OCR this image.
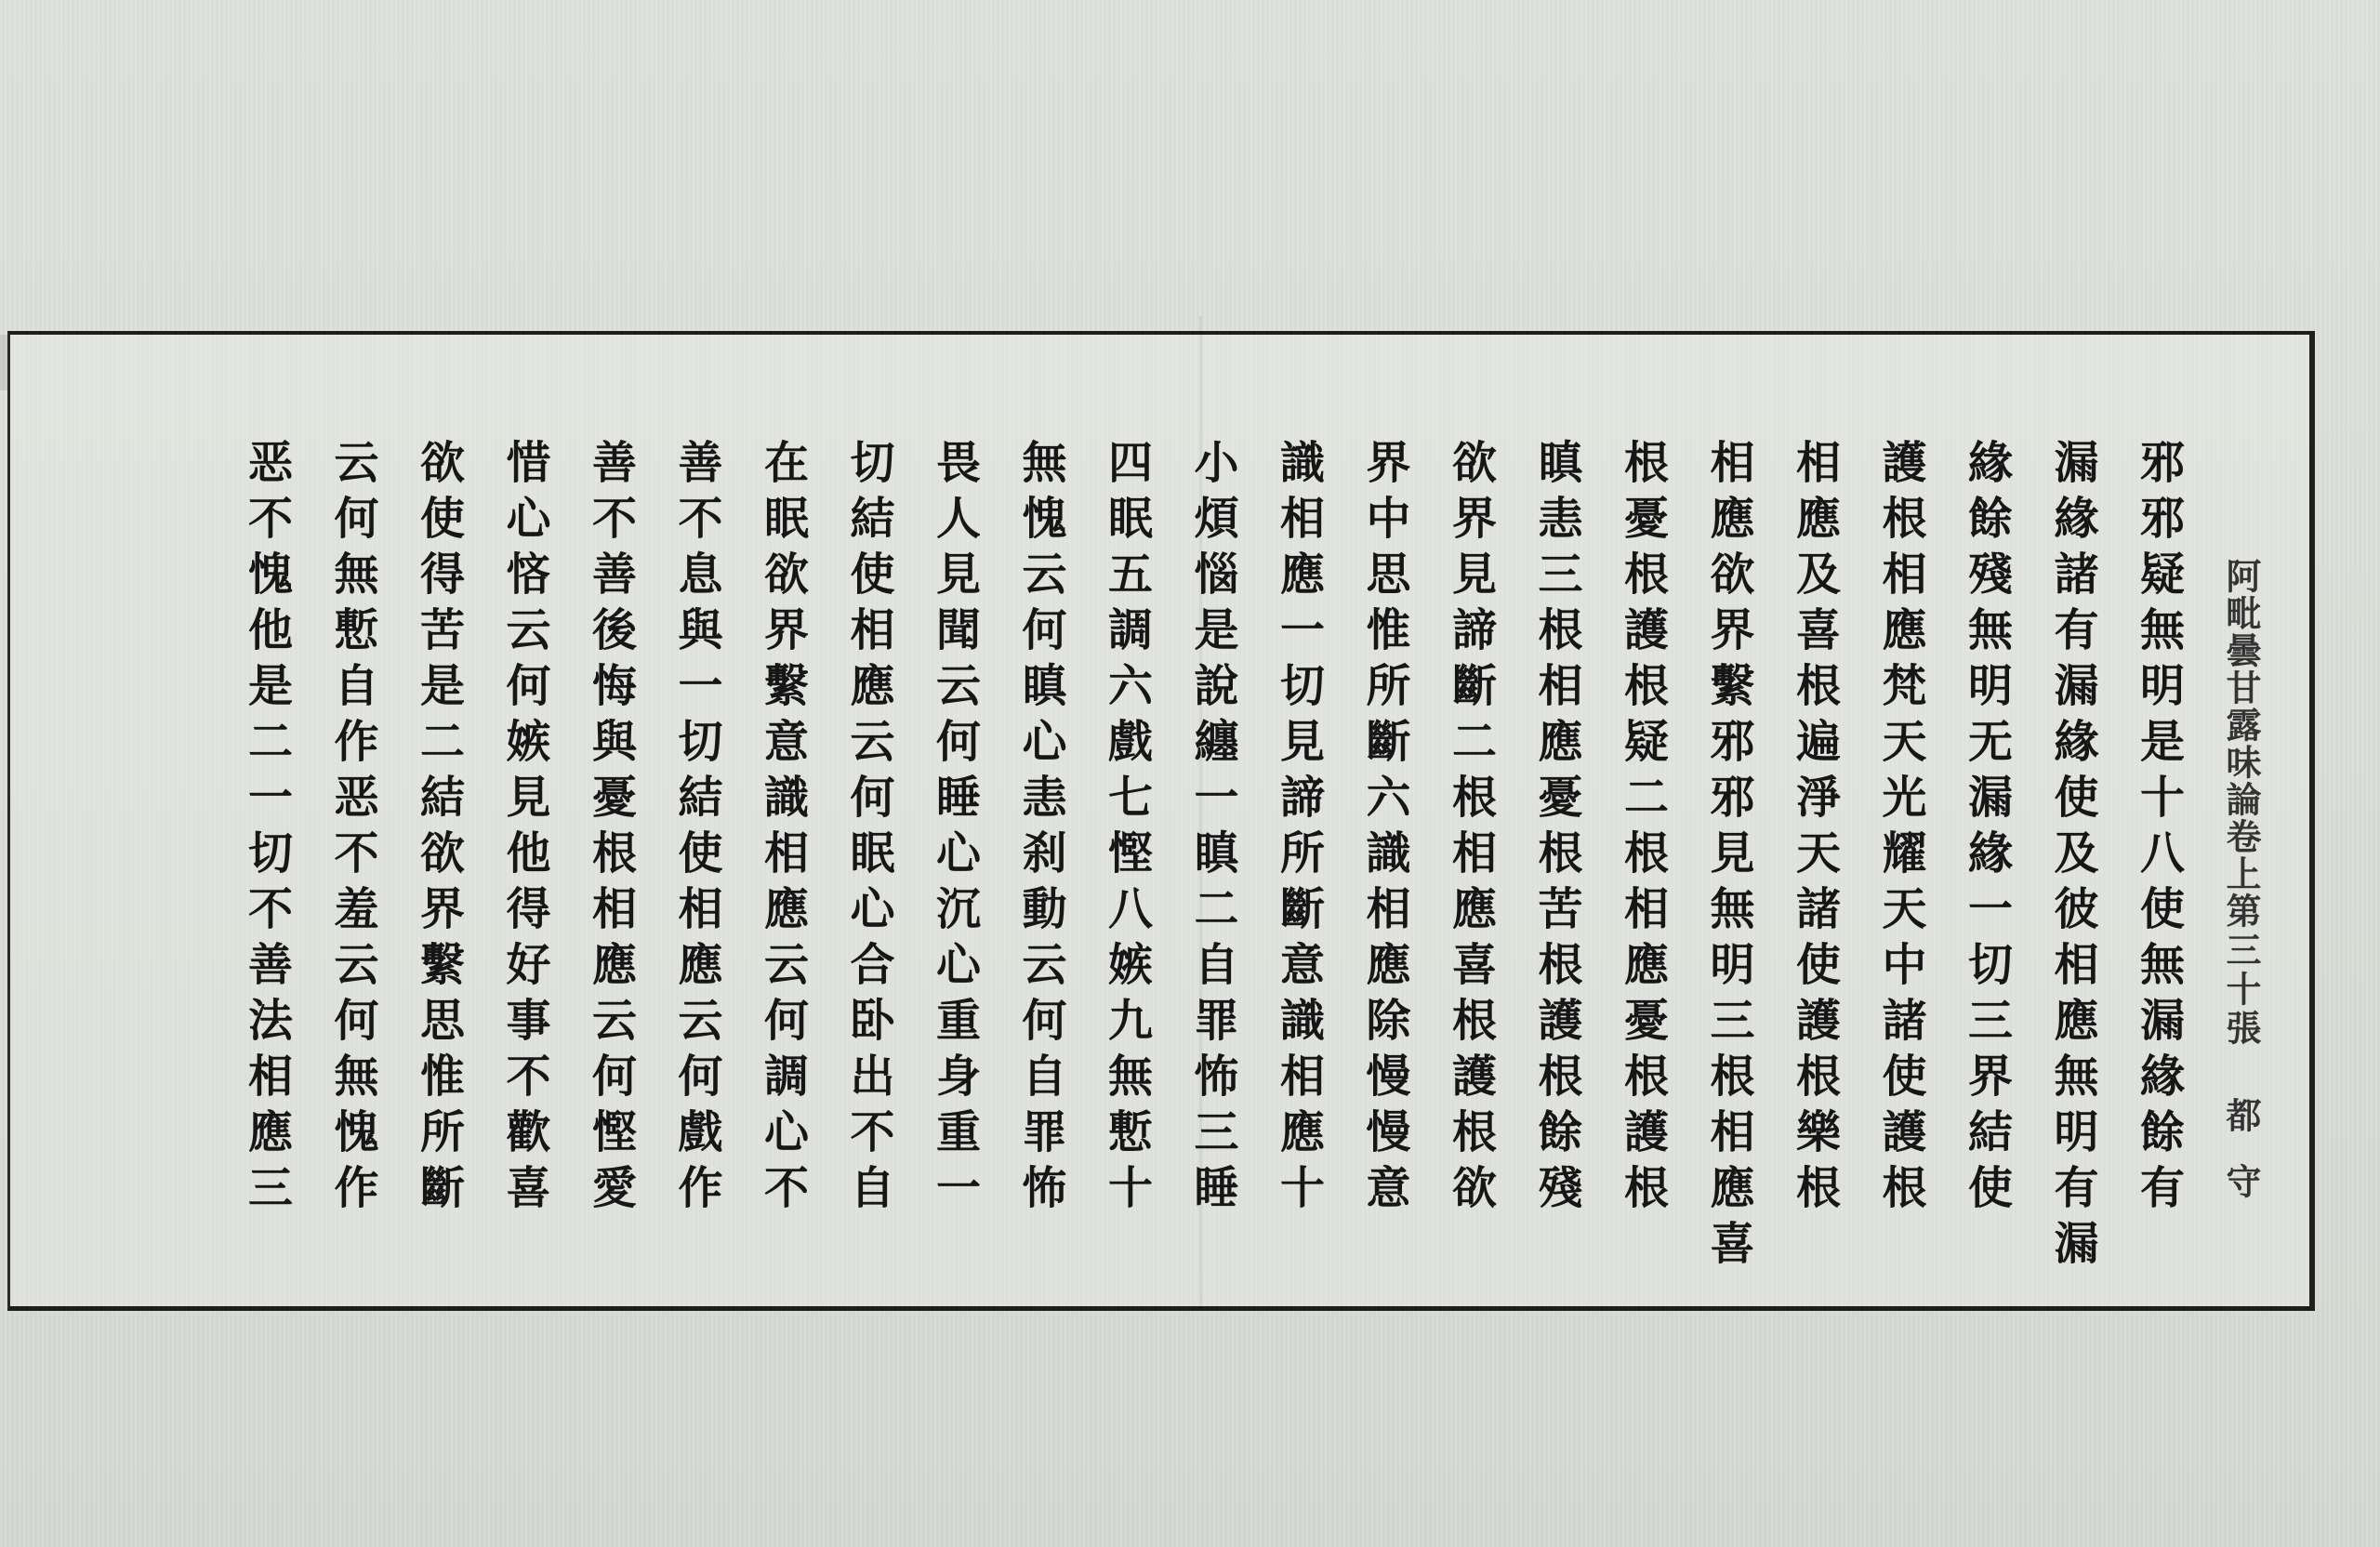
阿毗曇甘露味論卷上
第三十張
都 守
邪
邪
疑
無
明
是
十
八
使
無
漏
緣
餘
有
漏
緣
諸
有
漏
緣
使
及
彼
相
應
無
明
有
漏
緣
餘
殘
無
明
无
漏
緣
一
切
三
界
結
使
護
根
相
應
梵
天
光
耀
天
中
諸
使
護
根
相
應
及
喜
根
遍
淨
天
諸
使
護
根
樂
根
相
應
欲
界
繫
邪
邪
見
無
明
三
根
相
應
喜
根
憂
根
護
根
疑
二
根
相
應
憂
根
護
根
瞋
恚
三
根
相
應
憂
根
苦
根
護
根
餘
殘
欲
界
見
諦
斷
二
根
相
應
喜
根
護
根
欲
界
中
思
惟
所
斷
六
識
相
應
除
慢
慢
意
識
相
應
一
切
見
諦
所
斷
意
識
相
應
十
小
煩
惱
是
說
纏
一
瞋
二
自
罪
怖
三
睡
四
眠
五
調
六
戲
七
慳
八
嫉
九
無
慙
十
無
愧
云
何
瞋
心
恚
刹
動
云
何
自
罪
怖
畏
人
見
聞
云
何
睡
心
沉
心
重
身
重
一
切
結
使
相
應
云
何
眠
心
合
卧
出
不
自
在
眠
欲
界
繫
意
識
相
應
云
何
調
心
不
善
不
息
與
一
切
結
使
相
應
云
何
戲
作
善
不
善
後
悔
與
憂
根
相
應
云
何
慳
愛
惜
心
悋
云
何
嫉
見
他
得
好
事
不
歡
喜
欲
使
得
苦
是
二
結
欲
界
繫
思
惟
所
斷
云
何
無
慙
自
作
恶
不
羞
云
何
無
愧
作
恶
不
愧
他
是
二
一
切
不
善
法
相
應
三
